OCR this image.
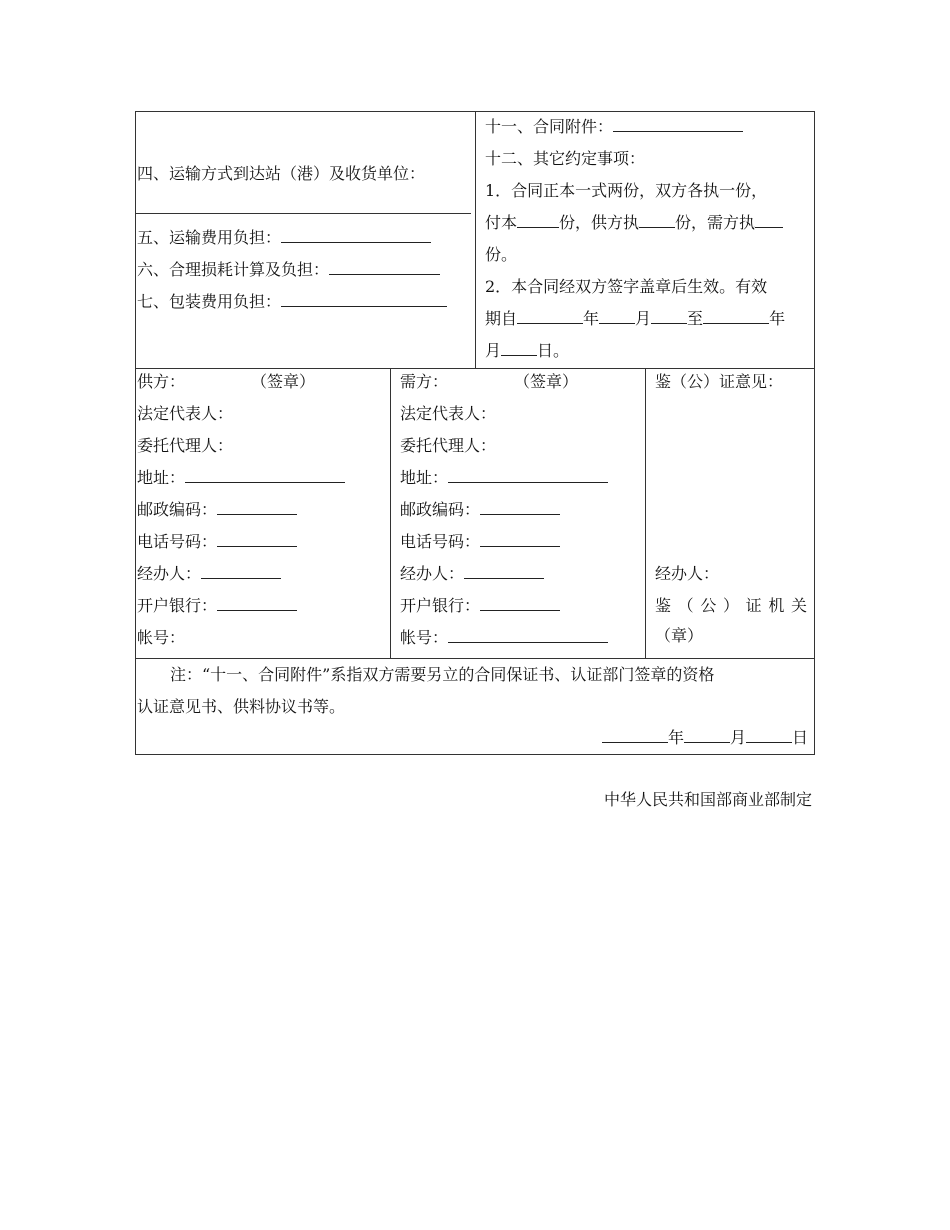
四、运输方式到达站（港）及收货单位：
五、运输费用负担：
六、合理损耗计算及负担：
七、包装费用负担：
十一、合同附件：
十二、其它约定事项：
1．合同正本一式两份，双方各执一份，
付本	份，供方执 份，需方执
份。
2．本合同经双方签字盖章后生效。有效
期自	年 月 至	年
月 日。
供方：	（签章）
法定代表人：
委托代理人：
地址：
邮政编码：
电话号码：
经办人：
开户银行：
帐号：
需方：	（签章）
法定代表人：
委托代理人：
地址：
邮政编码：
电话号码：
经办人：
开户银行：
帐号：
鉴（公）证意见：
经办人：
鉴 （ 公 ） 证 机 关
（章）
注：“十一、合同附件”系指双方需要另立的合同保证书、认证部门签章的资格
认证意见书、供料协议书等。
年	月	日
中华人民共和国部商业部制定
